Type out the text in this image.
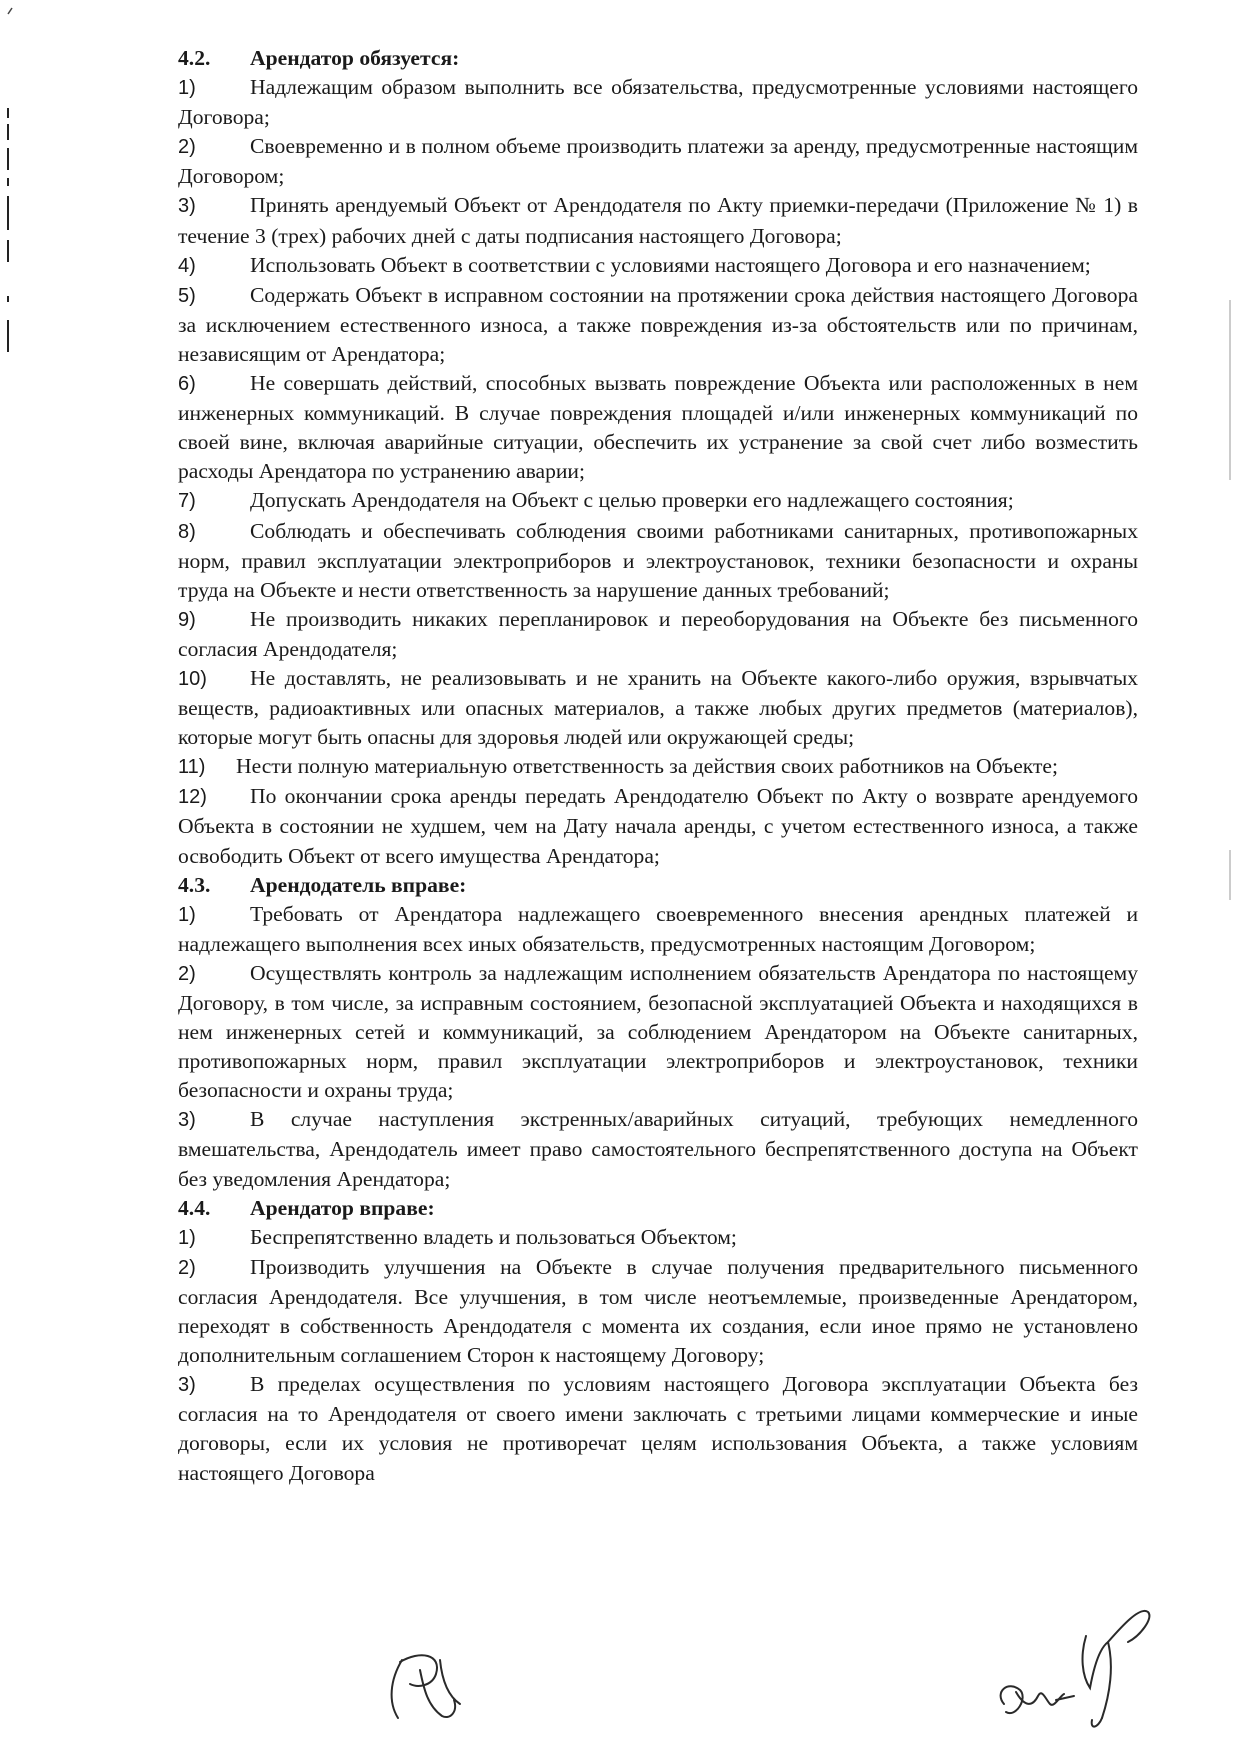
4.2.	Арендатор обязуется:

1)	Надлежащим образом выполнить все обязательства, предусмотренные условиями настоящего Договора;

2)	Своевременно и в полном объеме производить платежи за аренду, предусмотренные настоящим Договором;

3)	Принять арендуемый Объект от Арендодателя по Акту приемки-передачи (Приложение № 1) в течение 3 (трех) рабочих дней с даты подписания настоящего Договора;

4)	Использовать Объект в соответствии с условиями настоящего Договора и его назначением;

5)	Содержать Объект в исправном состоянии на протяжении срока действия настоящего Договора за исключением естественного износа, а также повреждения из-за обстоятельств или по причинам, независящим от Арендатора;

6)	Не совершать действий, способных вызвать повреждение Объекта или расположенных в нем инженерных коммуникаций. В случае повреждения площадей и/или инженерных коммуникаций по своей вине, включая аварийные ситуации, обеспечить их устранение за свой счет либо возместить расходы Арендатора по устранению аварии;

7)	Допускать Арендодателя на Объект с целью проверки его надлежащего состояния;

8)	Соблюдать и обеспечивать соблюдения своими работниками санитарных, противопожарных норм, правил эксплуатации электроприборов и электроустановок, техники безопасности и охраны труда на Объекте и нести ответственность за нарушение данных требований;

9)	Не производить никаких перепланировок и переоборудования на Объекте без письменного согласия Арендодателя;

10) Не доставлять, не реализовывать и не хранить на Объекте какого-либо оружия, взрывчатых веществ, радиоактивных или опасных материалов, а также любых других предметов (материалов), которые могут быть опасны для здоровья людей или окружающей среды;

11) Нести полную материальную ответственность за действия своих работников на Объекте;

12) По окончании срока аренды передать Арендодателю Объект по Акту о возврате арендуемого Объекта в состоянии не худшем, чем на Дату начала аренды, с учетом естественного износа, а также освободить Объект от всего имущества Арендатора;

4.3.	Арендодатель вправе:

1)	Требовать от Арендатора надлежащего своевременного внесения арендных платежей и надлежащего выполнения всех иных обязательств, предусмотренных настоящим Договором;

2)	Осуществлять контроль за надлежащим исполнением обязательств Арендатора по настоящему Договору, в том числе, за исправным состоянием, безопасной эксплуатацией Объекта и находящихся в нем инженерных сетей и коммуникаций, за соблюдением Арендатором на Объекте санитарных, противопожарных норм, правил эксплуатации электроприборов и электроустановок, техники безопасности и охраны труда;

3)	В случае наступления экстренных/аварийных ситуаций, требующих немедленного вмешательства, Арендодатель имеет право самостоятельного беспрепятственного доступа на Объект без уведомления Арендатора;

4.4.	Арендатор вправе:

1)	Беспрепятственно владеть и пользоваться Объектом;

2)	Производить улучшения на Объекте в случае получения предварительного письменного согласия Арендодателя. Все улучшения, в том числе неотъемлемые, произведенные Арендатором, переходят в собственность Арендодателя с момента их создания, если иное прямо не установлено дополнительным соглашением Сторон к настоящему Договору;

3)	В пределах осуществления по условиям настоящего Договора эксплуатации Объекта без согласия на то Арендодателя от своего имени заключать с третьими лицами коммерческие и иные договоры, если их условия не противоречат целям использования Объекта, а также условиям настоящего Договора
